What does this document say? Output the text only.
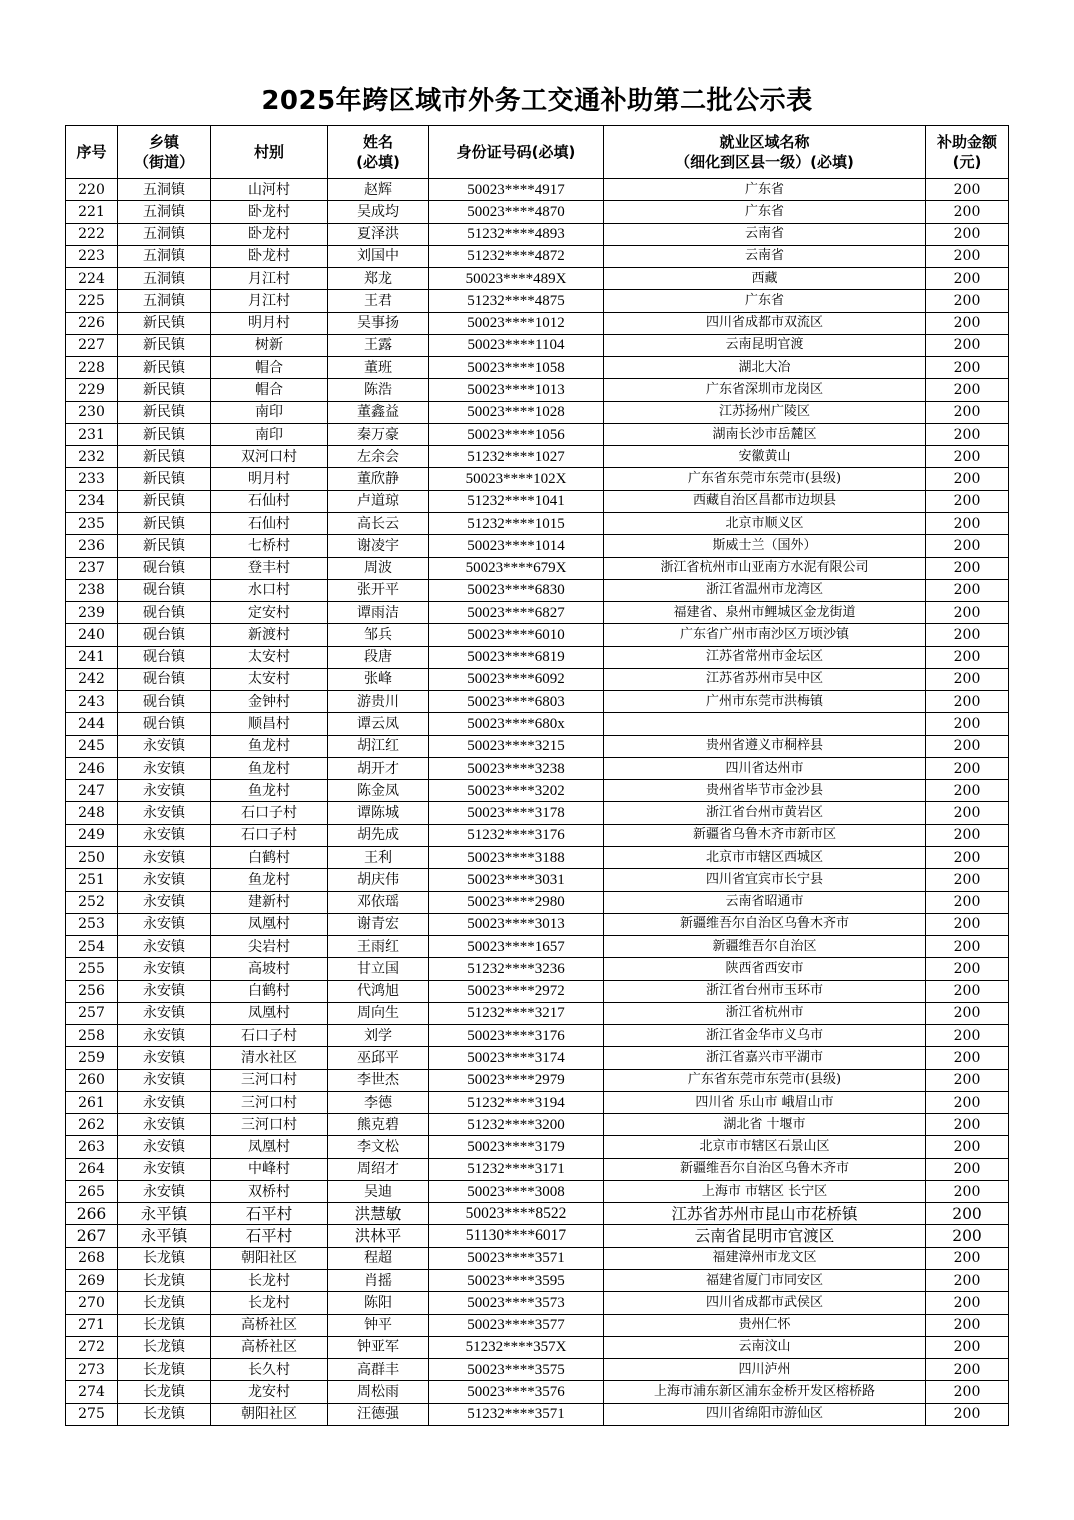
2025年跨区域市外务工交通补助第二批公示表
序号	乡镇
（街道）	村别	姓名
(必填)	身份证号码(必填)	就业区域名称
（细化到区县一级）(必填)	补助金额
(元)

220	五洞镇	山河村	赵辉	50023****4917	广东省	200
221	五洞镇	卧龙村	吴成均	50023****4870	广东省	200
222	五洞镇	卧龙村	夏泽洪	51232****4893	云南省	200
223	五洞镇	卧龙村	刘国中	51232****4872	云南省	200
224	五洞镇	月江村	郑龙	50023****489X	西藏	200
225	五洞镇	月江村	王君	51232****4875	广东省	200
226	新民镇	明月村	吴事扬	50023****1012	四川省成都市双流区	200
227	新民镇	树新	王露	50023****1104	云南昆明官渡	200
228	新民镇	帽合	董班	50023****1058	湖北大冶	200
229	新民镇	帽合	陈浩	50023****1013	广东省深圳市龙岗区	200
230	新民镇	南印	董鑫益	50023****1028	江苏扬州广陵区	200
231	新民镇	南印	秦万豪	50023****1056	湖南长沙市岳麓区	200
232	新民镇	双河口村	左余会	51232****1027	安徽黄山	200
233	新民镇	明月村	董欣静	50023****102X	广东省东莞市东莞市(县级)	200
234	新民镇	石仙村	卢道琼	51232****1041	西藏自治区昌都市边坝县	200
235	新民镇	石仙村	高长云	51232****1015	北京市顺义区	200
236	新民镇	七桥村	谢凌宇	50023****1014	斯威士兰（国外）	200
237	砚台镇	登丰村	周波	50023****679X	浙江省杭州市山亚南方水泥有限公司	200
238	砚台镇	水口村	张开平	50023****6830	浙江省温州市龙湾区	200
239	砚台镇	定安村	谭雨洁	50023****6827	福建省、泉州市鲤城区金龙街道	200
240	砚台镇	新渡村	邹兵	50023****6010	广东省广州市南沙区万顷沙镇	200
241	砚台镇	太安村	段唐	50023****6819	江苏省常州市金坛区	200
242	砚台镇	太安村	张峰	50023****6092	江苏省苏州市吴中区	200
243	砚台镇	金钟村	游贵川	50023****6803	广州市东莞市洪梅镇	200
244	砚台镇	顺昌村	谭云凤	50023****680x		200
245	永安镇	鱼龙村	胡江红	50023****3215	贵州省遵义市桐梓县	200
246	永安镇	鱼龙村	胡开才	50023****3238	四川省达州市	200
247	永安镇	鱼龙村	陈金凤	50023****3202	贵州省毕节市金沙县	200
248	永安镇	石口子村	谭陈城	50023****3178	浙江省台州市黄岩区	200
249	永安镇	石口子村	胡先成	51232****3176	新疆省乌鲁木齐市新市区	200
250	永安镇	白鹤村	王利	50023****3188	北京市市辖区西城区	200
251	永安镇	鱼龙村	胡庆伟	50023****3031	四川省宜宾市长宁县	200
252	永安镇	建新村	邓依瑶	50023****2980	云南省昭通市	200
253	永安镇	凤凰村	谢青宏	50023****3013	新疆维吾尔自治区乌鲁木齐市	200
254	永安镇	尖岩村	王雨红	50023****1657	新疆维吾尔自治区	200
255	永安镇	高坡村	甘立国	51232****3236	陕西省西安市	200
256	永安镇	白鹤村	代鸿旭	50023****2972	浙江省台州市玉环市	200
257	永安镇	凤凰村	周向生	51232****3217	浙江省杭州市	200
258	永安镇	石口子村	刘学	50023****3176	浙江省金华市义乌市	200
259	永安镇	清水社区	巫邱平	50023****3174	浙江省嘉兴市平湖市	200
260	永安镇	三河口村	李世杰	50023****2979	广东省东莞市东莞市(县级)	200
261	永安镇	三河口村	李德	51232****3194	四川省 乐山市 峨眉山市	200
262	永安镇	三河口村	熊克碧	51232****3200	湖北省 十堰市	200
263	永安镇	凤凰村	李文松	50023****3179	北京市市辖区石景山区	200
264	永安镇	中峰村	周绍才	51232****3171	新疆维吾尔自治区乌鲁木齐市	200
265	永安镇	双桥村	吴迪	50023****3008	上海市 市辖区 长宁区	200
266	永平镇	石平村	洪慧敏	50023****8522	江苏省苏州市昆山市花桥镇	200
267	永平镇	石平村	洪林平	51130****6017	云南省昆明市官渡区	200
268	长龙镇	朝阳社区	程超	50023****3571	福建漳州市龙文区	200
269	长龙镇	长龙村	肖摇	50023****3595	福建省厦门市同安区	200
270	长龙镇	长龙村	陈阳	50023****3573	四川省成都市武侯区	200
271	长龙镇	高桥社区	钟平	50023****3577	贵州仁怀	200
272	长龙镇	高桥社区	钟亚军	51232****357X	云南汶山	200
273	长龙镇	长久村	高群丰	50023****3575	四川泸州	200
274	长龙镇	龙安村	周松雨	50023****3576	上海市浦东新区浦东金桥开发区榕桥路	200
275	长龙镇	朝阳社区	汪德强	51232****3571	四川省绵阳市游仙区	200
